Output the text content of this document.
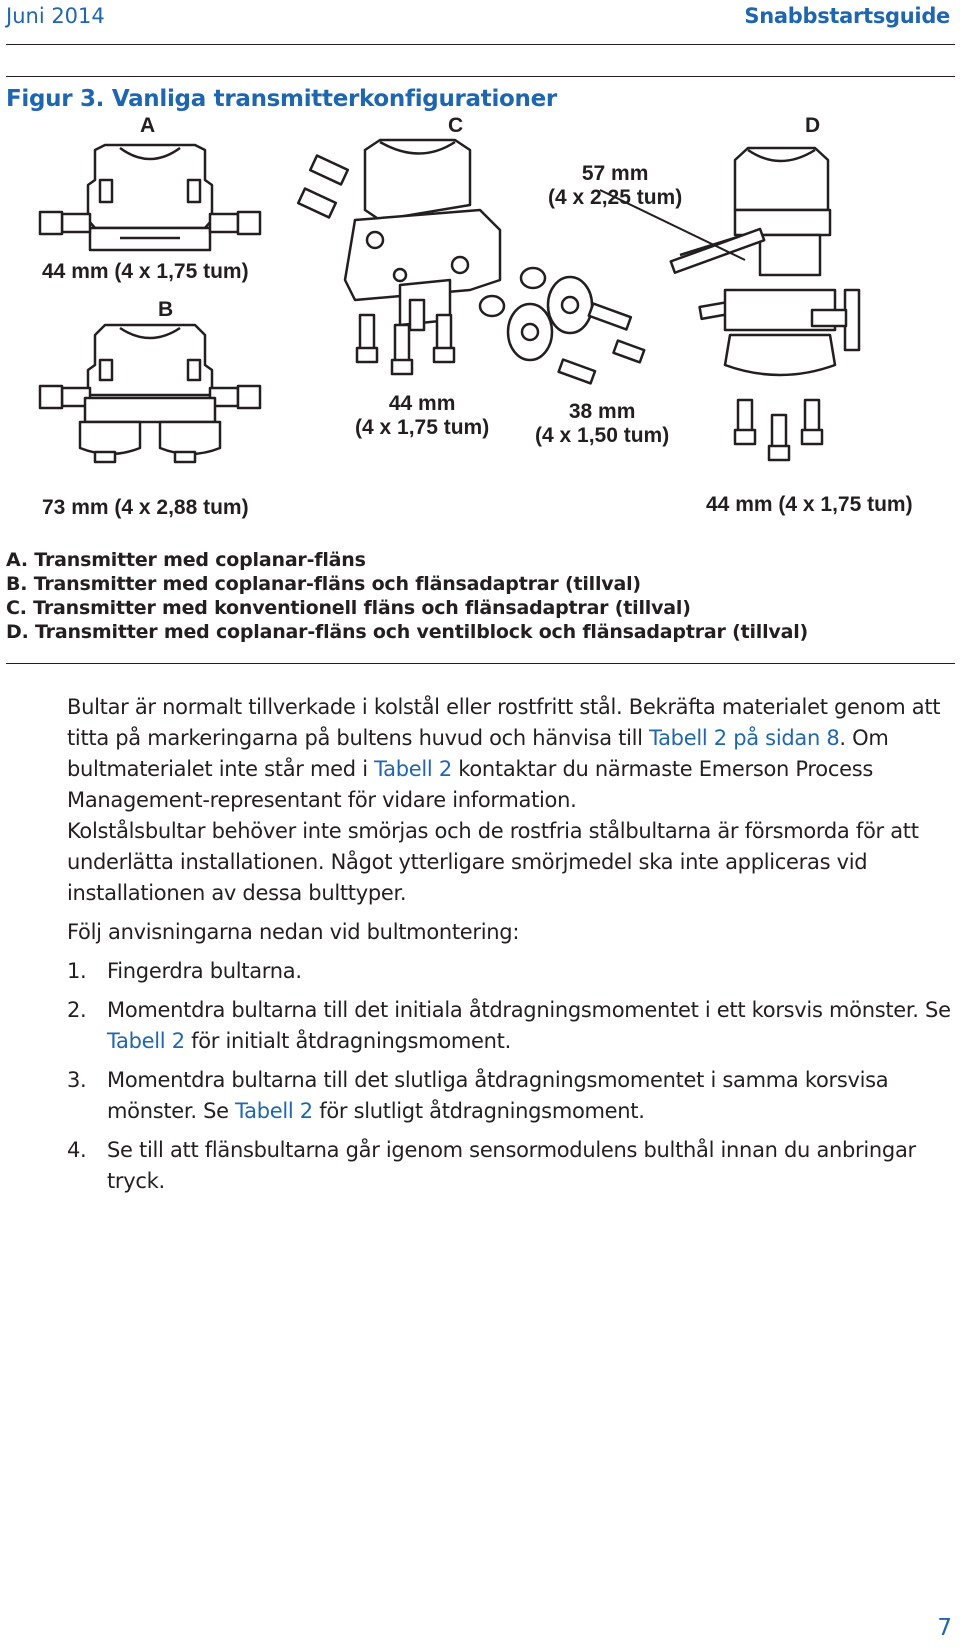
Juni 2014	Snabbstartsguide
Figur 3. Vanliga transmitterkonfigurationer
A	C	D
B
57 mm
(4 x 2,25 tum)
44 mm (4 x 1,75 tum)
44 mm
(4 x 1,75 tum)
38 mm
(4 x 1,50 tum)
73 mm (4 x 2,88 tum)	44 mm (4 x 1,75 tum)
A. Transmitter med coplanar-fläns
B. Transmitter med coplanar-fläns och flänsadaptrar (tillval)
C. Transmitter med konventionell fläns och flänsadaptrar (tillval)
D. Transmitter med coplanar-fläns och ventilblock och flänsadaptrar (tillval)

Bultar är normalt tillverkade i kolstål eller rostfritt stål. Bekräfta materialet genom att titta på markeringarna på bultens huvud och hänvisa till Tabell 2 på sidan 8. Om bultmaterialet inte står med i Tabell 2 kontaktar du närmaste Emerson Process Management-representant för vidare information.

Kolstålsbultar behöver inte smörjas och de rostfria stålbultarna är försmorda för att underlätta installationen. Något ytterligare smörjmedel ska inte appliceras vid installationen av dessa bulttyper.

Följ anvisningarna nedan vid bultmontering:

1. Fingerdra bultarna.
2. Momentdra bultarna till det initiala åtdragningsmomentet i ett korsvis mönster. Se Tabell 2 för initialt åtdragningsmoment.
3. Momentdra bultarna till det slutliga åtdragningsmomentet i samma korsvisa mönster. Se Tabell 2 för slutligt åtdragningsmoment.
4. Se till att flänsbultarna går igenom sensormodulens bulthål innan du anbringar tryck.
7
